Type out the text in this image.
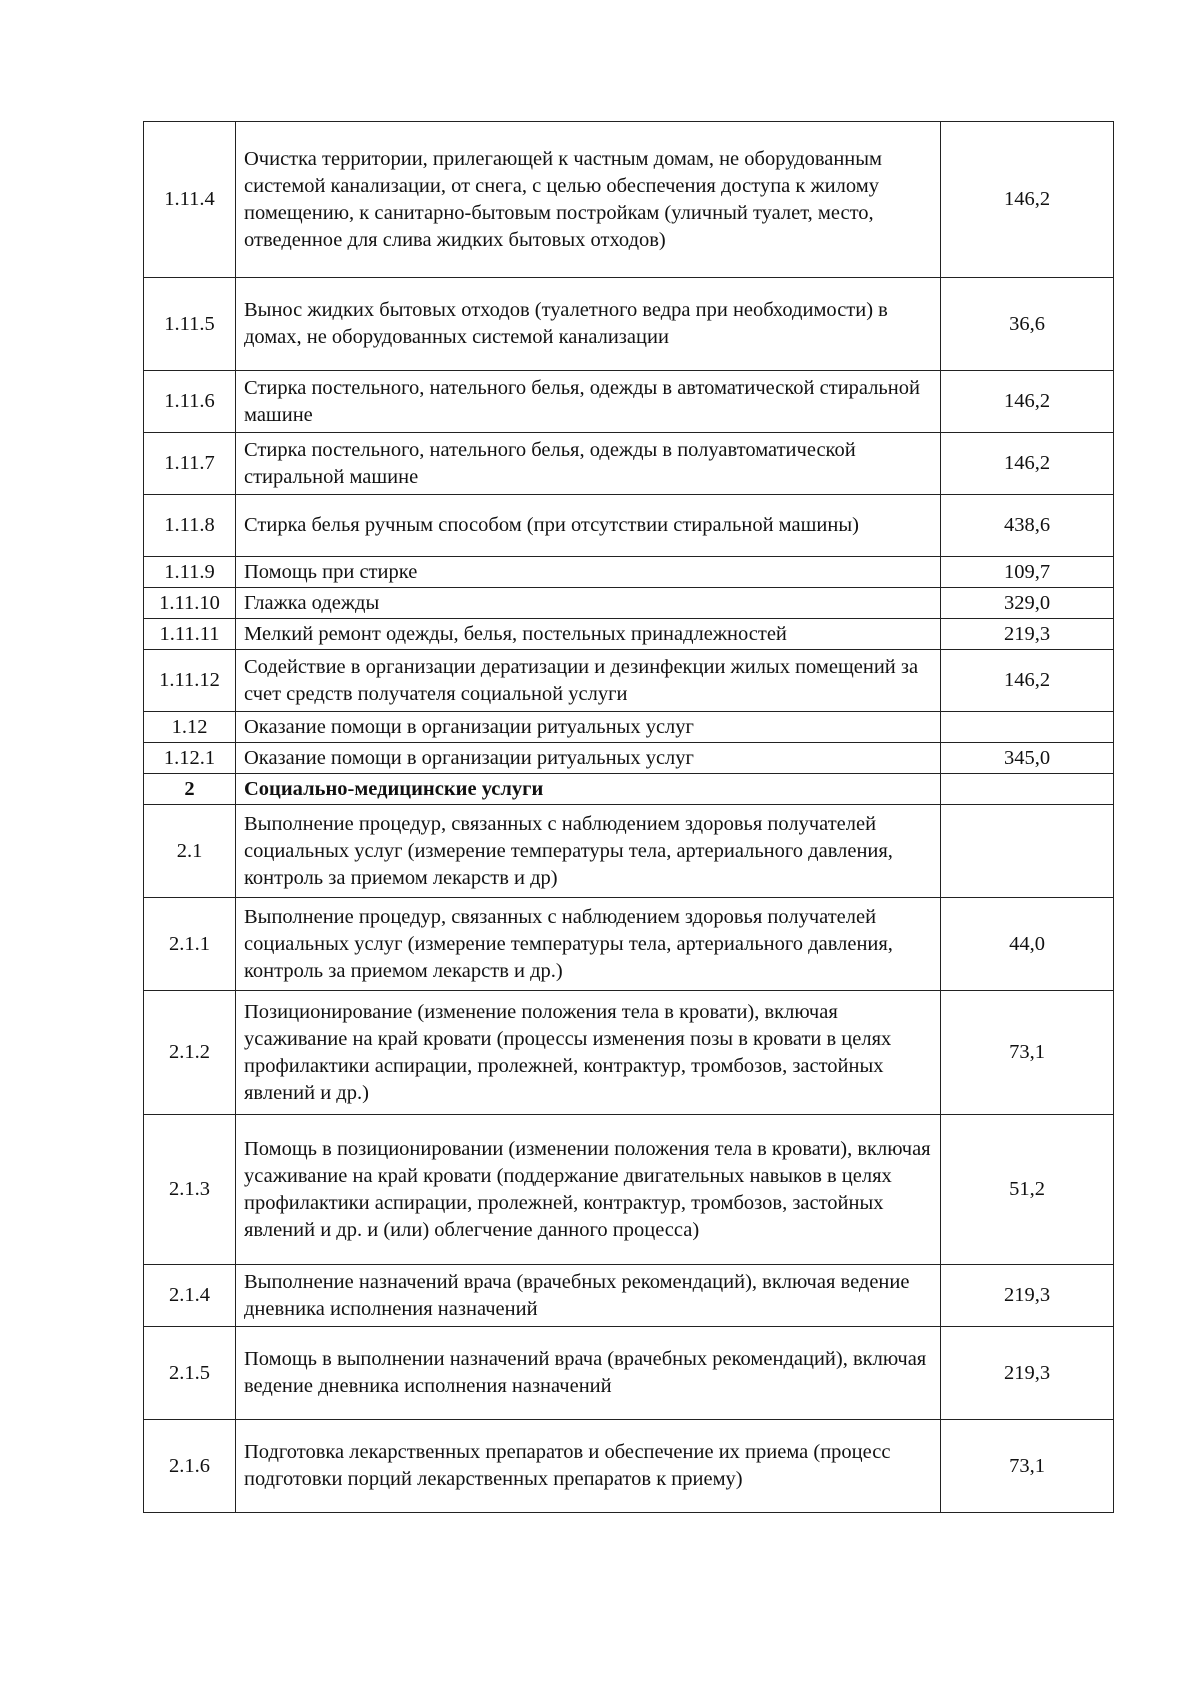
1.11.4	Очистка территории, прилегающей к частным домам, не оборудованным системой канализации, от снега, с целью обеспечения доступа к жилому помещению, к санитарно-бытовым постройкам (уличный туалет, место, отведенное для слива жидких бытовых отходов)	146,2
1.11.5	Вынос жидких бытовых отходов (туалетного ведра при необходимости) в домах, не оборудованных системой канализации	36,6
1.11.6	Стирка постельного, нательного белья, одежды в автоматической стиральной машине	146,2
1.11.7	Стирка постельного, нательного белья, одежды в полуавтоматической стиральной машине	146,2
1.11.8	Стирка белья ручным способом (при отсутствии стиральной машины)	438,6
1.11.9	Помощь при стирке	109,7
1.11.10	Глажка одежды	329,0
1.11.11	Мелкий ремонт одежды, белья, постельных принадлежностей	219,3
1.11.12	Содействие в организации дератизации и дезинфекции жилых помещений за счет средств получателя социальной услуги	146,2
1.12	Оказание помощи в организации ритуальных услуг	
1.12.1	Оказание помощи в организации ритуальных услуг	345,0
2	Социально-медицинские услуги	
2.1	Выполнение процедур, связанных с наблюдением здоровья получателей социальных услуг (измерение температуры тела, артериального давления, контроль за приемом лекарств и др)	
2.1.1	Выполнение процедур, связанных с наблюдением здоровья получателей социальных услуг (измерение температуры тела, артериального давления, контроль за приемом лекарств и др.)	44,0
2.1.2	Позиционирование (изменение положения тела в кровати), включая усаживание на край кровати (процессы изменения позы в кровати в целях профилактики аспирации, пролежней, контрактур, тромбозов, застойных явлений и др.)	73,1
2.1.3	Помощь в позиционировании (изменении положения тела в кровати), включая усаживание на край кровати (поддержание двигательных навыков в целях профилактики аспирации, пролежней, контрактур, тромбозов, застойных явлений и др. и (или) облегчение данного процесса)	51,2
2.1.4	Выполнение назначений врача (врачебных рекомендаций), включая ведение дневника исполнения назначений	219,3
2.1.5	Помощь в выполнении назначений врача (врачебных рекомендаций), включая ведение дневника исполнения назначений	219,3
2.1.6	Подготовка лекарственных препаратов и обеспечение их приема (процесс подготовки порций лекарственных препаратов к приему)	73,1
